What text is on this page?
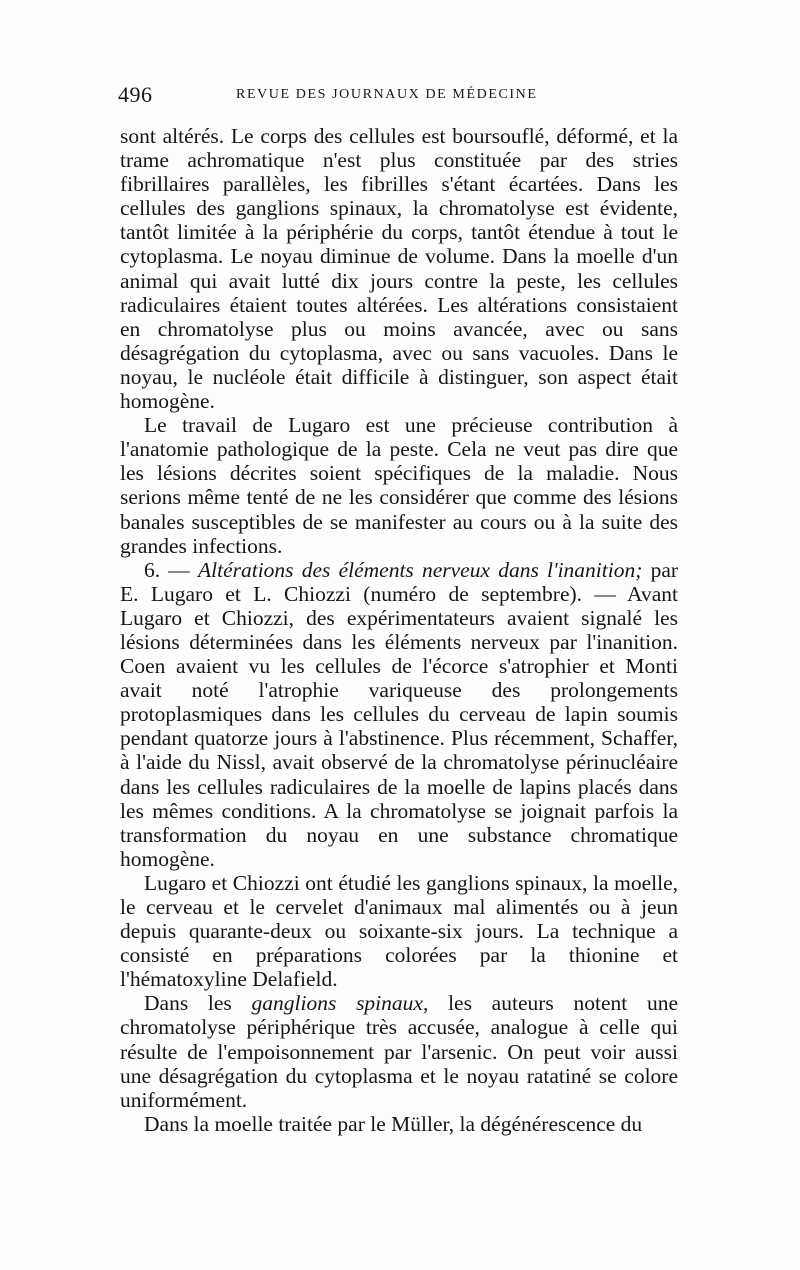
496	REVUE DES JOURNAUX DE MÉDECINE

sont altérés. Le corps des cellules est boursouflé, déformé, et la trame achromatique n'est plus constituée par des stries fibrillaires parallèles, les fibrilles s'étant écartées. Dans les cellules des ganglions spinaux, la chromatolyse est évidente, tantôt limitée à la périphérie du corps, tantôt étendue à tout le cytoplasma. Le noyau diminue de volume. Dans la moelle d'un animal qui avait lutté dix jours contre la peste, les cellules radiculaires étaient toutes altérées. Les altérations consistaient en chromatolyse plus ou moins avancée, avec ou sans désagrégation du cytoplasma, avec ou sans vacuoles. Dans le noyau, le nucléole était difficile à distinguer, son aspect était homogène.

Le travail de Lugaro est une précieuse contribution à l'anatomie pathologique de la peste. Cela ne veut pas dire que les lésions décrites soient spécifiques de la maladie. Nous serions même tenté de ne les considérer que comme des lésions banales susceptibles de se manifester au cours ou à la suite des grandes infections.

6. — Altérations des éléments nerveux dans l'inanition; par E. Lugaro et L. Chiozzi (numéro de septembre). — Avant Lugaro et Chiozzi, des expérimentateurs avaient signalé les lésions déterminées dans les éléments nerveux par l'inanition. Coen avaient vu les cellules de l'écorce s'atrophier et Monti avait noté l'atrophie variqueuse des prolongements protoplasmiques dans les cellules du cerveau de lapin soumis pendant quatorze jours à l'abstinence. Plus récemment, Schaffer, à l'aide du Nissl, avait observé de la chromatolyse périnucléaire dans les cellules radiculaires de la moelle de lapins placés dans les mêmes conditions. A la chromatolyse se joignait parfois la transformation du noyau en une substance chromatique homogène.

Lugaro et Chiozzi ont étudié les ganglions spinaux, la moelle, le cerveau et le cervelet d'animaux mal alimentés ou à jeun depuis quarante-deux ou soixante-six jours. La technique a consisté en préparations colorées par la thionine et l'hématoxyline Delafield.

Dans les ganglions spinaux, les auteurs notent une chromatolyse périphérique très accusée, analogue à celle qui résulte de l'empoisonnement par l'arsenic. On peut voir aussi une désagrégation du cytoplasma et le noyau ratatiné se colore uniformément.

Dans la moelle traitée par le Müller, la dégénérescence du
